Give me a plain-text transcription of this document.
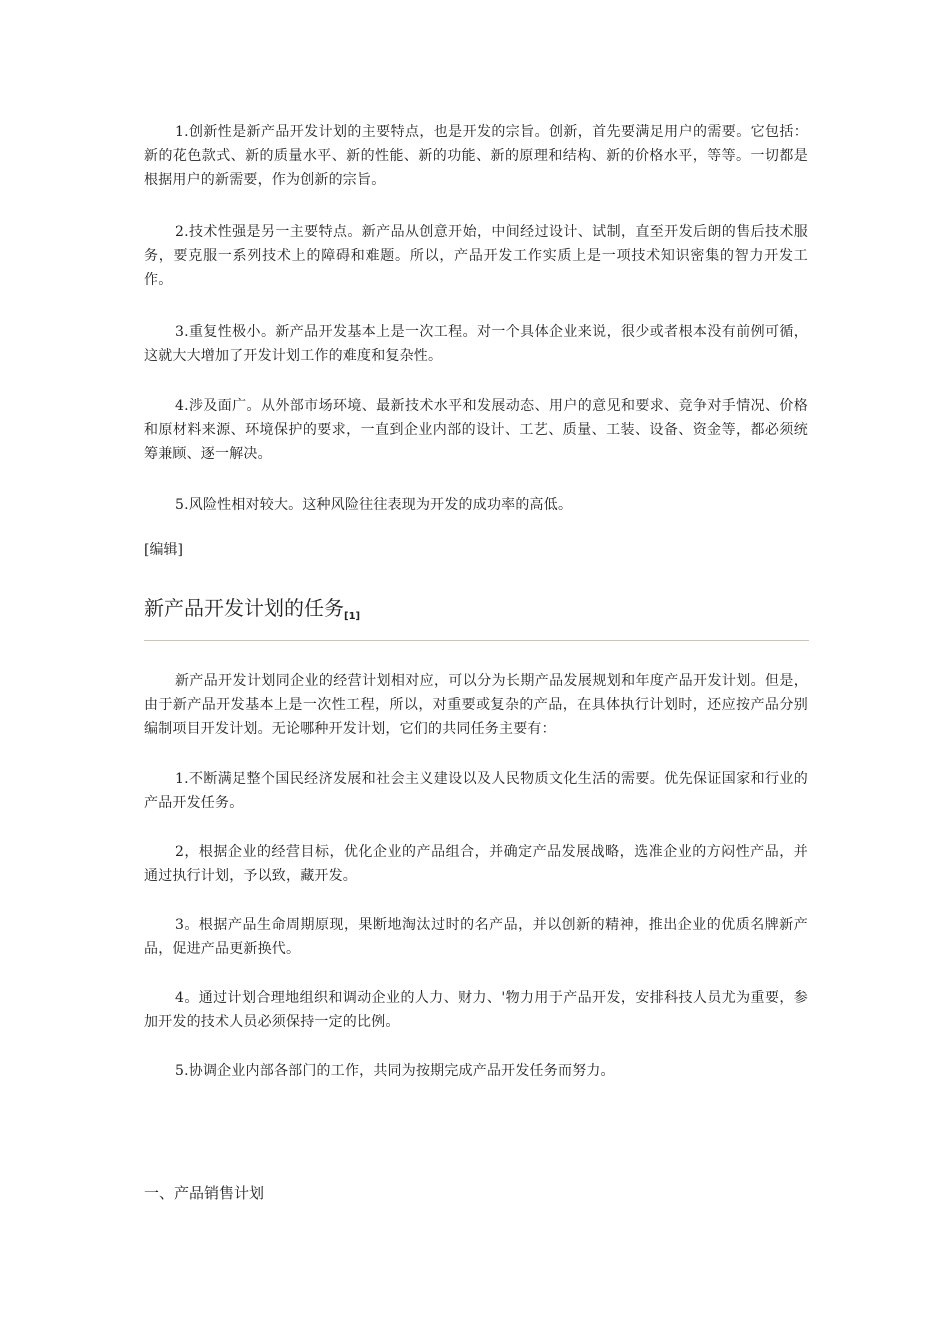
1.创新性是新产品开发计划的主要特点，也是开发的宗旨。创新，首先要满足用户的需要。它包括：新的花色款式、新的质量水平、新的性能、新的功能、新的原理和结构、新的价格水平，等等。一切都是根据用户的新需要，作为创新的宗旨。

2.技术性强是另一主要特点。新产品从创意开始，中间经过设计、试制，直至开发后朗的售后技术服务，要克服一系列技术上的障碍和难题。所以，产品开发工作实质上是一项技术知识密集的智力开发工作。

3.重复性极小。新产品开发基本上是一次工程。对一个具体企业来说，很少或者根本没有前例可循，这就大大增加了开发计划工作的难度和复杂性。

4.涉及面广。从外部市场环境、最新技术水平和发展动态、用户的意见和要求、竞争对手情况、价格和原材料来源、环境保护的要求，一直到企业内部的设计、工艺、质量、工装、设备、资金等，都必须统筹兼顾、逐一解决。

5.风险性相对较大。这种风险往往表现为开发的成功率的高低。

[编辑]

新产品开发计划的任务[1]

新产品开发计划同企业的经营计划相对应，可以分为长期产品发展规划和年度产品开发计划。但是，由于新产品开发基本上是一次性工程，所以，对重要或复杂的产品，在具体执行计划时，还应按产品分别编制项目开发计划。无论哪种开发计划，它们的共同任务主要有：

1.不断满足整个国民经济发展和社会主义建设以及人民物质文化生活的需要。优先保证国家和行业的产品开发任务。

2，根据企业的经营目标，优化企业的产品组合，并确定产品发展战略，选准企业的方闷性产品，并通过执行计划，予以致，藏开发。

3。根据产品生命周期原现，果断地淘汰过时的名产品，并以创新的精神，推出企业的优质名牌新产品，促进产品更新换代。

4。通过计划合理地组织和调动企业的人力、财力、'物力用于产品开发，安排科技人员尤为重要，参加开发的技术人员必须保持一定的比例。

5.协调企业内部各部门的工作，共同为按期完成产品开发任务而努力。

一、产品销售计划
